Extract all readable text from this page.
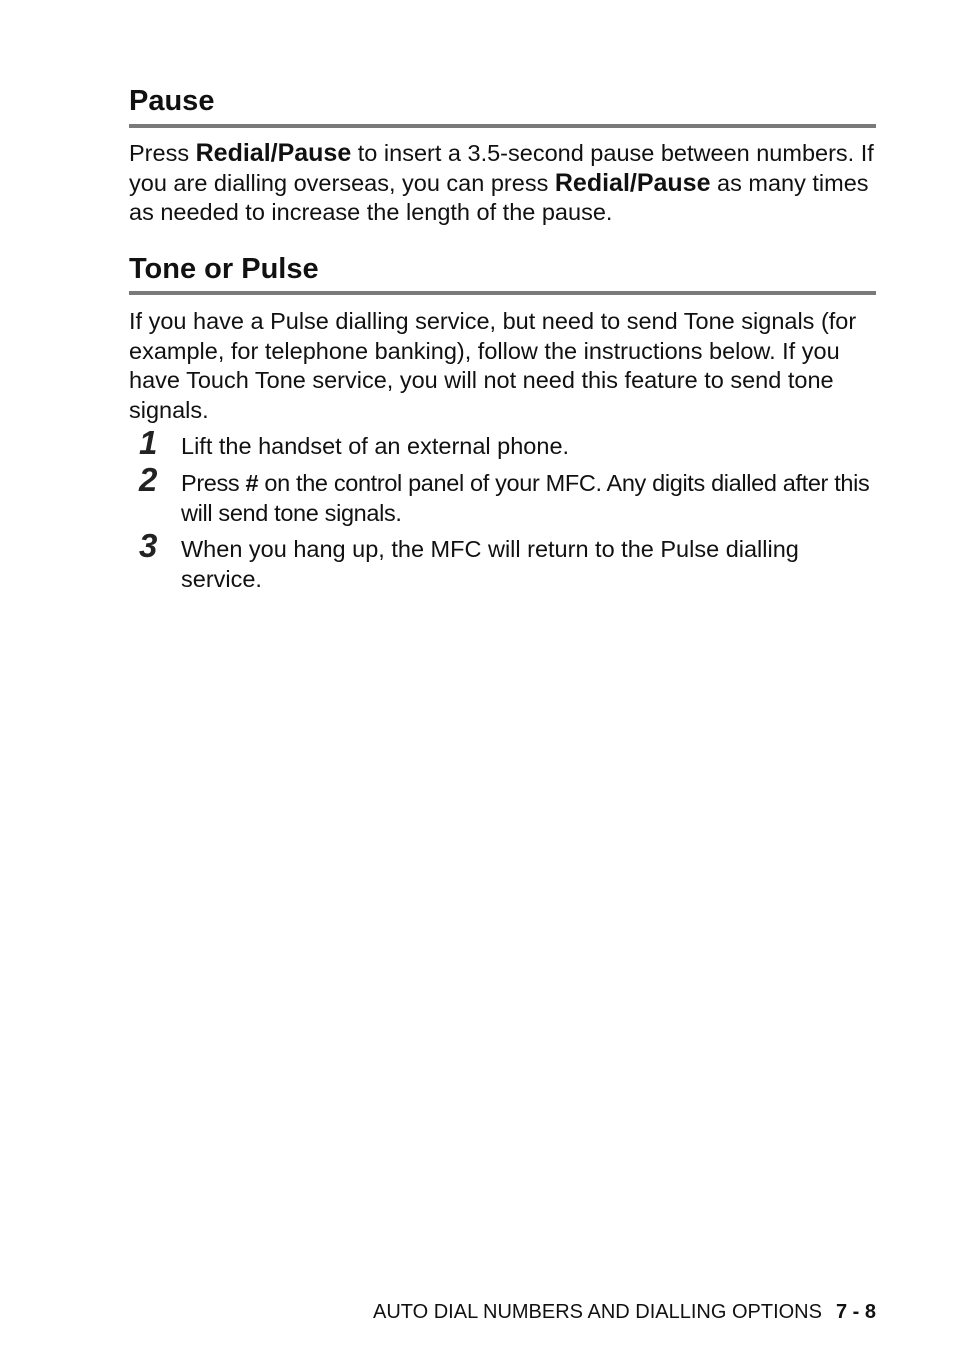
Pause

Press Redial/Pause to insert a 3.5-second pause between numbers. If you are dialling overseas, you can press Redial/Pause as many times as needed to increase the length of the pause.

Tone or Pulse

If you have a Pulse dialling service, but need to send Tone signals (for example, for telephone banking), follow the instructions below. If you have Touch Tone service, you will not need this feature to send tone signals.

1 Lift the handset of an external phone.
2 Press # on the control panel of your MFC. Any digits dialled after this will send tone signals.
3 When you hang up, the MFC will return to the Pulse dialling service.
AUTO DIAL NUMBERS AND DIALLING OPTIONS 7 - 8
